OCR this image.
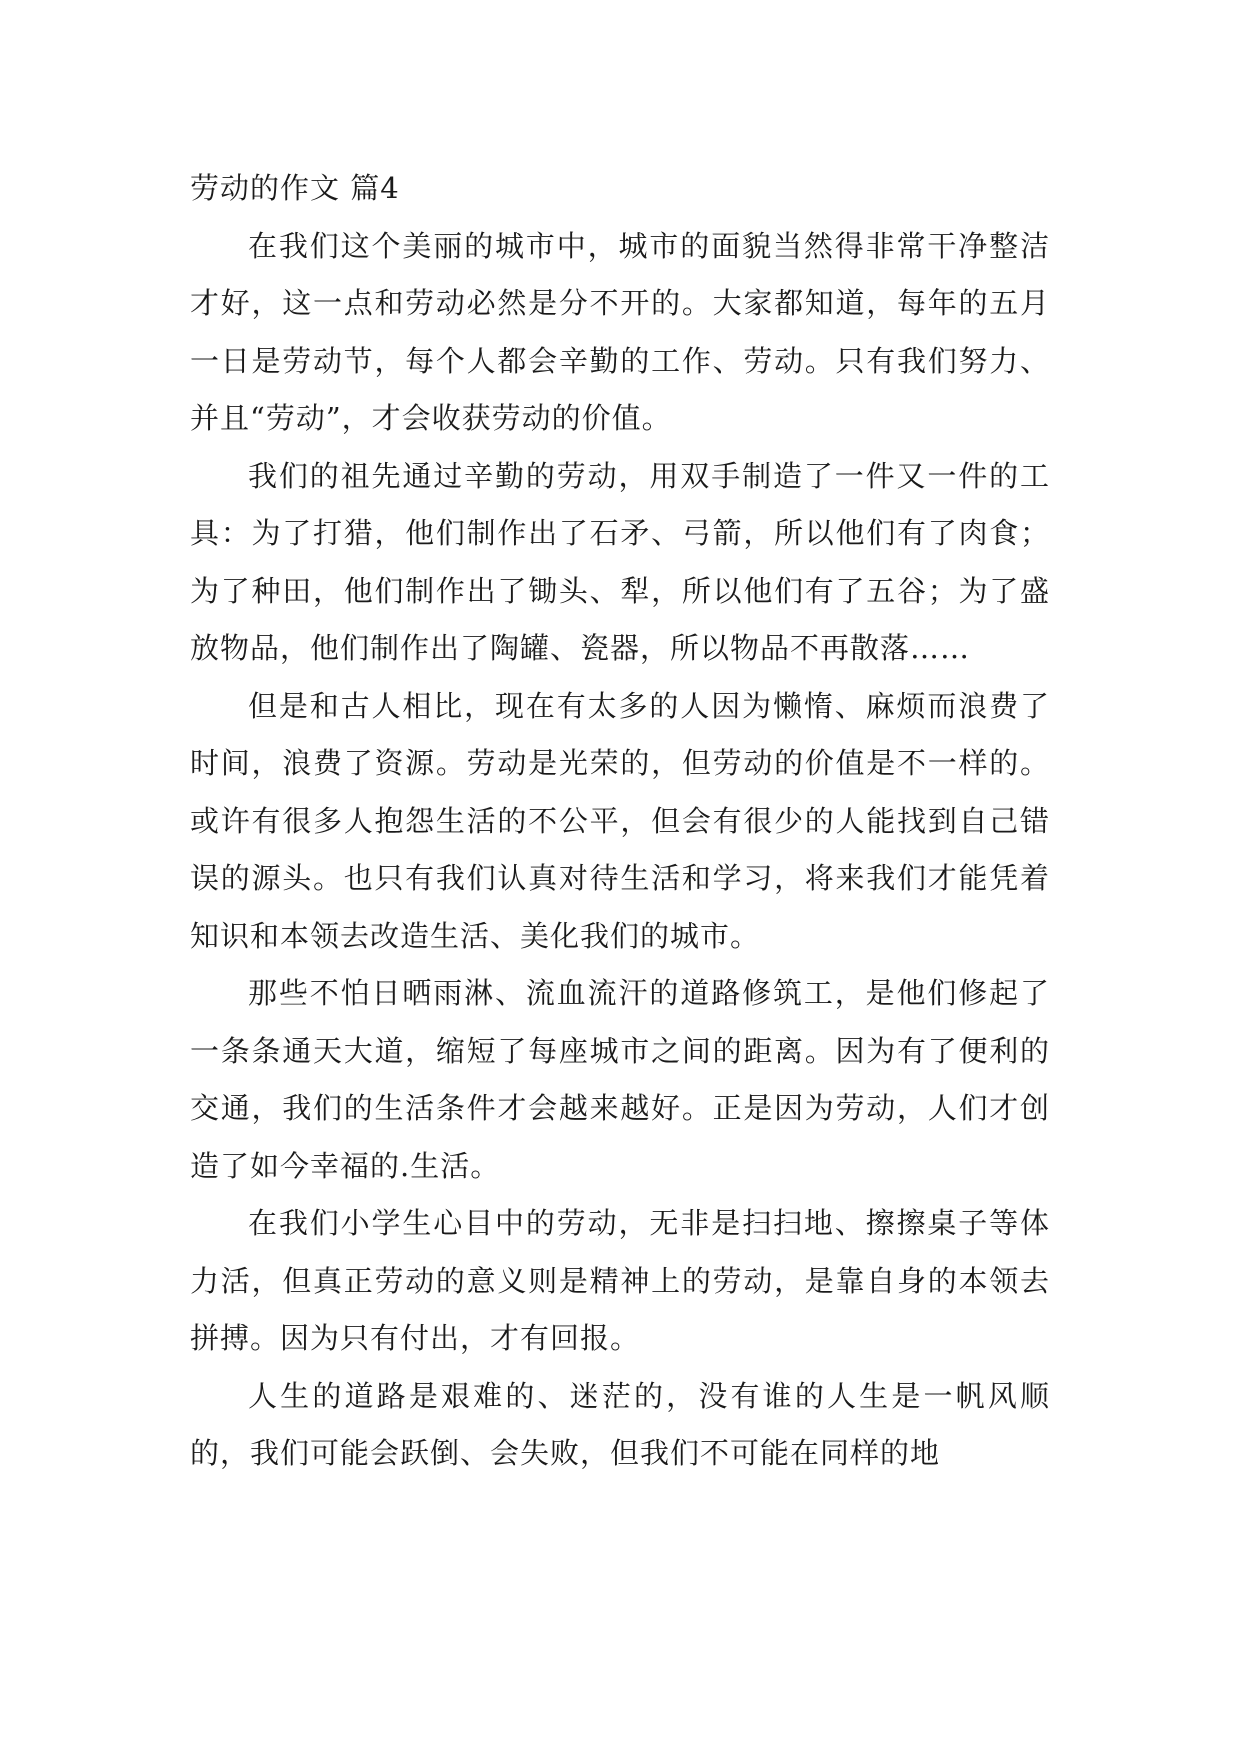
劳动的作文 篇4

在我们这个美丽的城市中，城市的面貌当然得非常干净整洁才好，这一点和劳动必然是分不开的。大家都知道，每年的五月一日是劳动节，每个人都会辛勤的工作、劳动。只有我们努力、并且“劳动”，才会收获劳动的价值。

我们的祖先通过辛勤的劳动，用双手制造了一件又一件的工具：为了打猎，他们制作出了石矛、弓箭，所以他们有了肉食；为了种田，他们制作出了锄头、犁，所以他们有了五谷；为了盛放物品，他们制作出了陶罐、瓷器，所以物品不再散落……

但是和古人相比，现在有太多的人因为懒惰、麻烦而浪费了时间，浪费了资源。劳动是光荣的，但劳动的价值是不一样的。或许有很多人抱怨生活的不公平，但会有很少的人能找到自己错误的源头。也只有我们认真对待生活和学习，将来我们才能凭着知识和本领去改造生活、美化我们的城市。

那些不怕日晒雨淋、流血流汗的道路修筑工，是他们修起了一条条通天大道，缩短了每座城市之间的距离。因为有了便利的交通，我们的生活条件才会越来越好。正是因为劳动，人们才创造了如今幸福的.生活。

在我们小学生心目中的劳动，无非是扫扫地、擦擦桌子等体力活，但真正劳动的意义则是精神上的劳动，是靠自身的本领去拼搏。因为只有付出，才有回报。

人生的道路是艰难的、迷茫的，没有谁的人生是一帆风顺的，我们可能会跃倒、会失败，但我们不可能在同样的地
